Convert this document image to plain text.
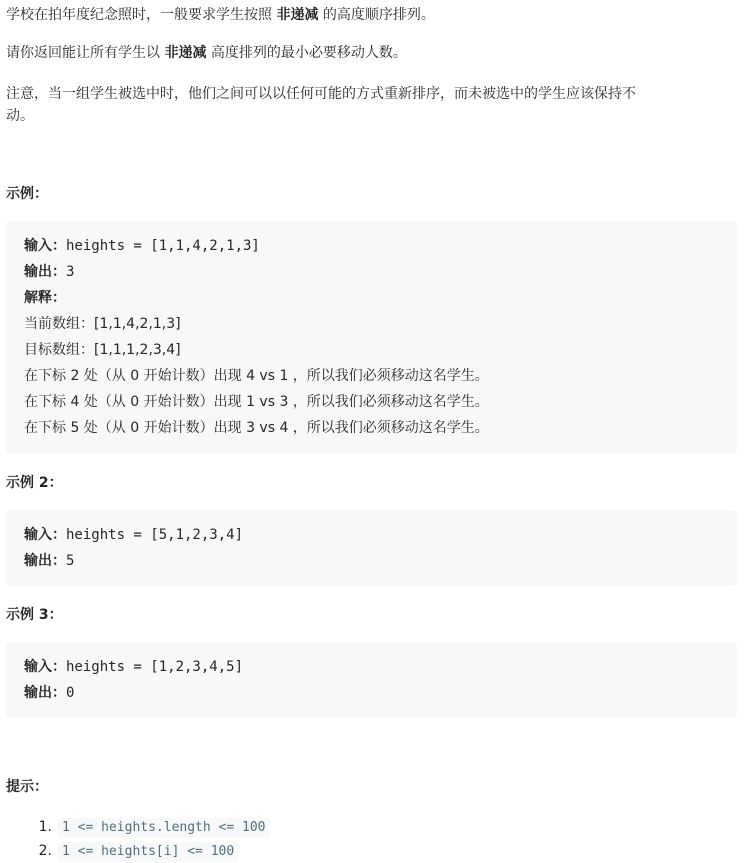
学校在拍年度纪念照时，一般要求学生按照 非递减 的高度顺序排列。

请你返回能让所有学生以 非递减 高度排列的最小必要移动人数。

注意，当一组学生被选中时，他们之间可以以任何可能的方式重新排序，而未被选中的学生应该保持不
动。

示例：
输入：heights = [1,1,4,2,1,3]
输出：3
解释：
当前数组：[1,1,4,2,1,3]
目标数组：[1,1,1,2,3,4]
在下标 2 处（从 0 开始计数）出现 4 vs 1 ，所以我们必须移动这名学生。
在下标 4 处（从 0 开始计数）出现 1 vs 3 ，所以我们必须移动这名学生。
在下标 5 处（从 0 开始计数）出现 3 vs 4 ，所以我们必须移动这名学生。
示例 2：
输入：heights = [5,1,2,3,4]
输出：5
示例 3：
输入：heights = [1,2,3,4,5]
输出：0
提示：
1. 1 <= heights.length <= 100
2. 1 <= heights[i] <= 100
